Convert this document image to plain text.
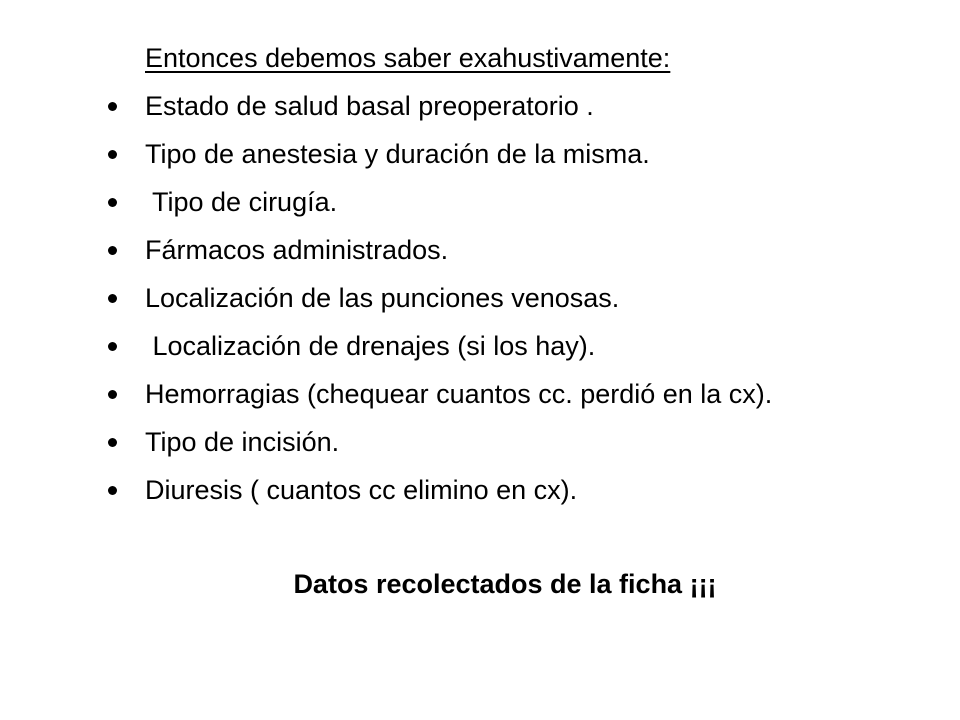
Entonces debemos saber exahustivamente:
Estado de salud basal preoperatorio .
Tipo de anestesia y duración de la misma.
Tipo de cirugía.
Fármacos administrados.
Localización de las punciones venosas.
Localización de drenajes (si los hay).
Hemorragias (chequear cuantos cc. perdió en la cx).
Tipo de incisión.
Diuresis ( cuantos cc elimino en cx).
Datos recolectados de la ficha ¡¡¡
